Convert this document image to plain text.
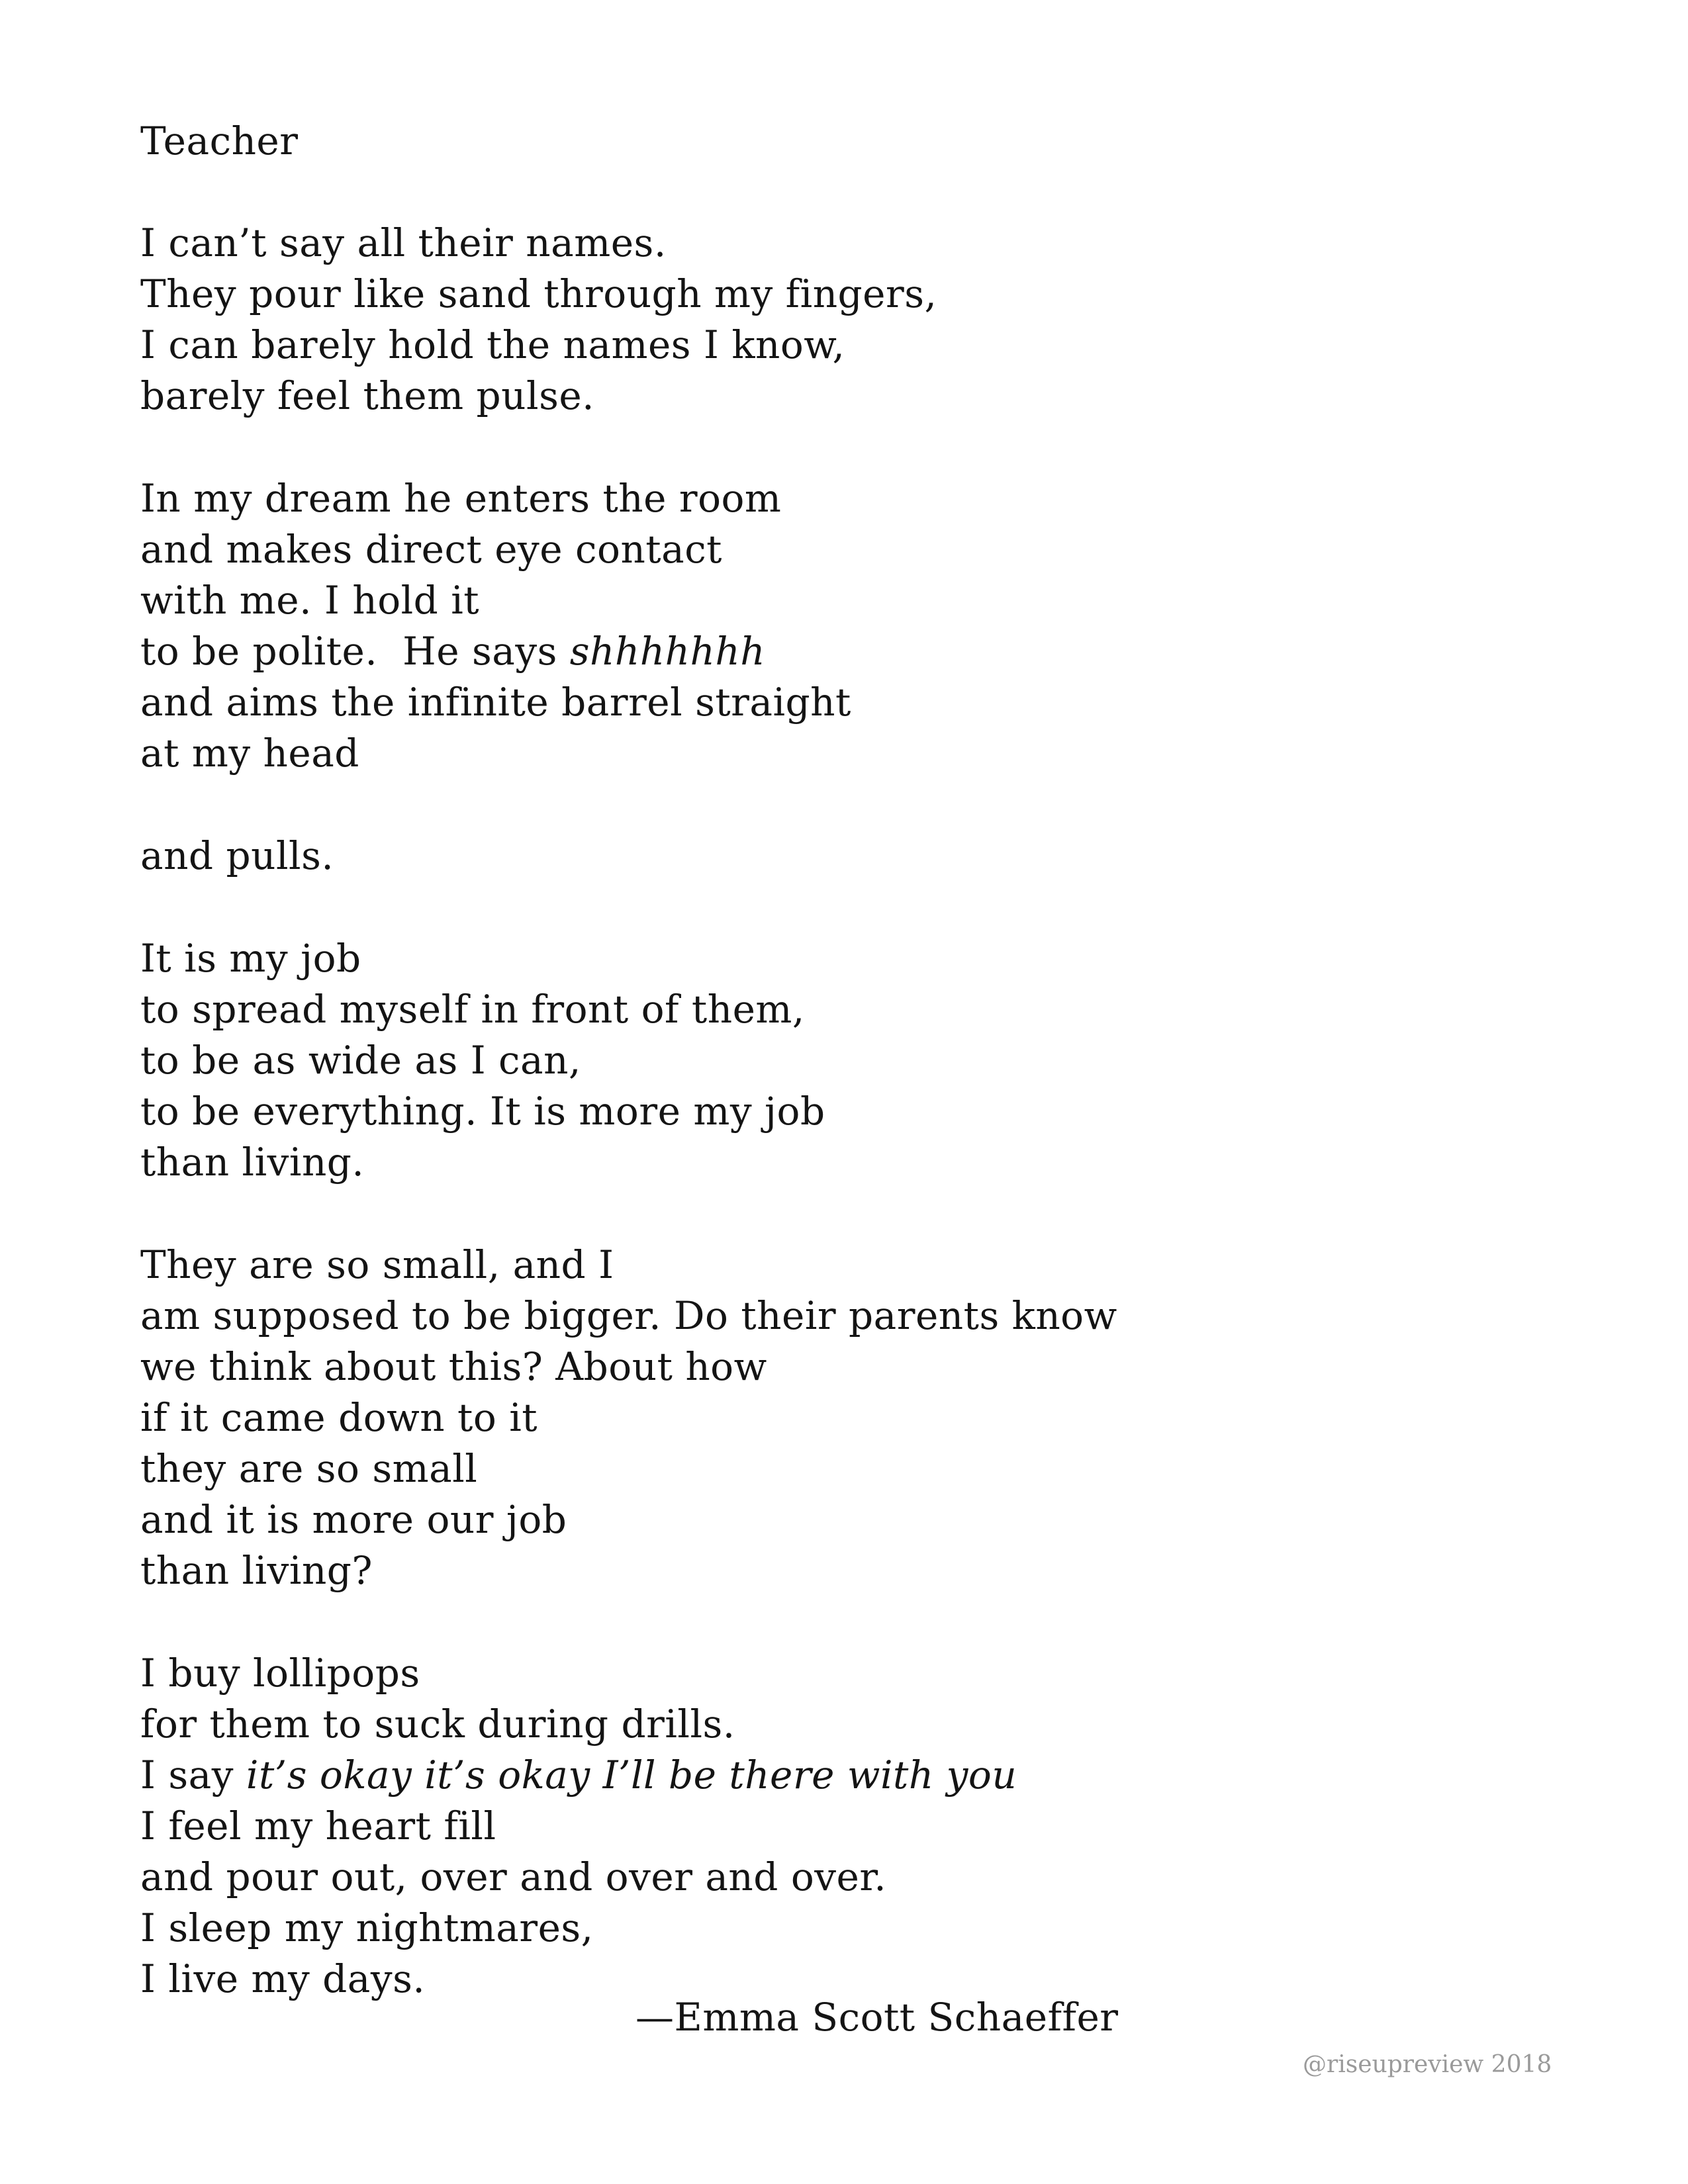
Teacher
I can’t say all their names.
They pour like sand through my fingers,
I can barely hold the names I know,
barely feel them pulse.
In my dream he enters the room
and makes direct eye contact
with me. I hold it
to be polite.  He says shhhhhhh
and aims the infinite barrel straight
at my head
and pulls.
It is my job
to spread myself in front of them,
to be as wide as I can,
to be everything. It is more my job
than living.
They are so small, and I
am supposed to be bigger. Do their parents know
we think about this? About how
if it came down to it
they are so small
and it is more our job
than living?
I buy lollipops
for them to suck during drills.
I say it’s okay it’s okay I’ll be there with you
I feel my heart fill
and pour out, over and over and over.
I sleep my nightmares,
I live my days.
—Emma Scott Schaeffer
@riseupreview 2018
